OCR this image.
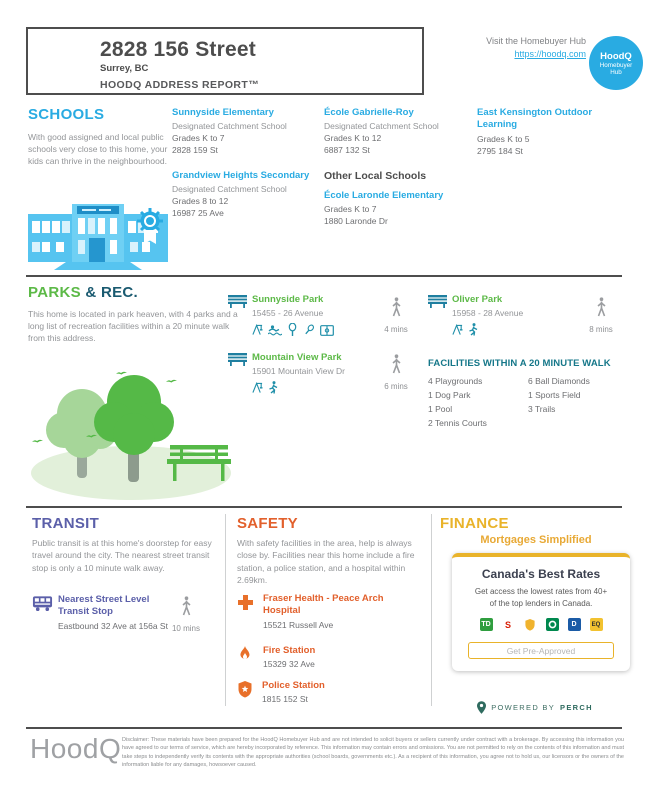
2828 156 Street
Surrey, BC
HOODQ ADDRESS REPORT™
Visit the Homebuyer Hub
https://hoodq.com HoodQ
Homebuyer
Hub
SCHOOLS
With good assigned and local public schools very close to this home, your kids can thrive in the neighbourhood.
Sunnyside Elementary
Designated Catchment School
Grades K to 7
2828 159 St
Grandview Heights Secondary
Designated Catchment School
Grades 8 to 12
16987 25 Ave
École Gabrielle-Roy
Designated Catchment School
Grades K to 12
6887 132 St
Other Local Schools
École Laronde Elementary
Grades K to 7
1880 Laronde Dr
East Kensington Outdoor Learning
Grades K to 5
2795 184 St
PARKS & REC.
This home is located in park heaven, with 4 parks and a long list of recreation facilities within a 20 minute walk from this address.
Sunnyside Park
15455 - 26 Avenue
4 mins
Oliver Park
15958 - 28 Avenue
8 mins
Mountain View Park
15901 Mountain View Dr
6 mins
FACILITIES WITHIN A 20 MINUTE WALK
4 Playgrounds
1 Dog Park
1 Pool
2 Tennis Courts
6 Ball Diamonds
1 Sports Field
3 Trails
TRANSIT
Public transit is at this home's doorstep for easy travel around the city. The nearest street transit stop is only a 10 minute walk away.
Nearest Street Level Transit Stop
Eastbound 32 Ave at 156a St 10 mins
SAFETY
With safety facilities in the area, help is always close by. Facilities near this home include a fire station, a police station, and a hospital within 2.69km.
Fraser Health - Peace Arch Hospital
15521 Russell Ave
Fire Station
15329 32 Ave
Police Station
1815 152 St
FINANCE
Mortgages Simplified
Canada's Best Rates
Get access the lowest rates from 40+ of the top lenders in Canada.
TD S	D	EQ
Get Pre-Approved
POWERED BY PERCH
HoodQ Disclaimer: These materials have been prepared for the HoodQ Homebuyer Hub and are not intended to solicit buyers or sellers currently under contract with a brokerage. By accessing this information you have agreed to our terms of service, which are hereby incorporated by reference. This information may contain errors and omissions. You are not permitted to rely on the contents of this information and must take steps to independently verify its contents with the appropriate authorities (school boards, governments etc.). As a recipient of this information, you agree not to hold us, our licensors or the owners of the information liable for any damages, howsoever caused.
